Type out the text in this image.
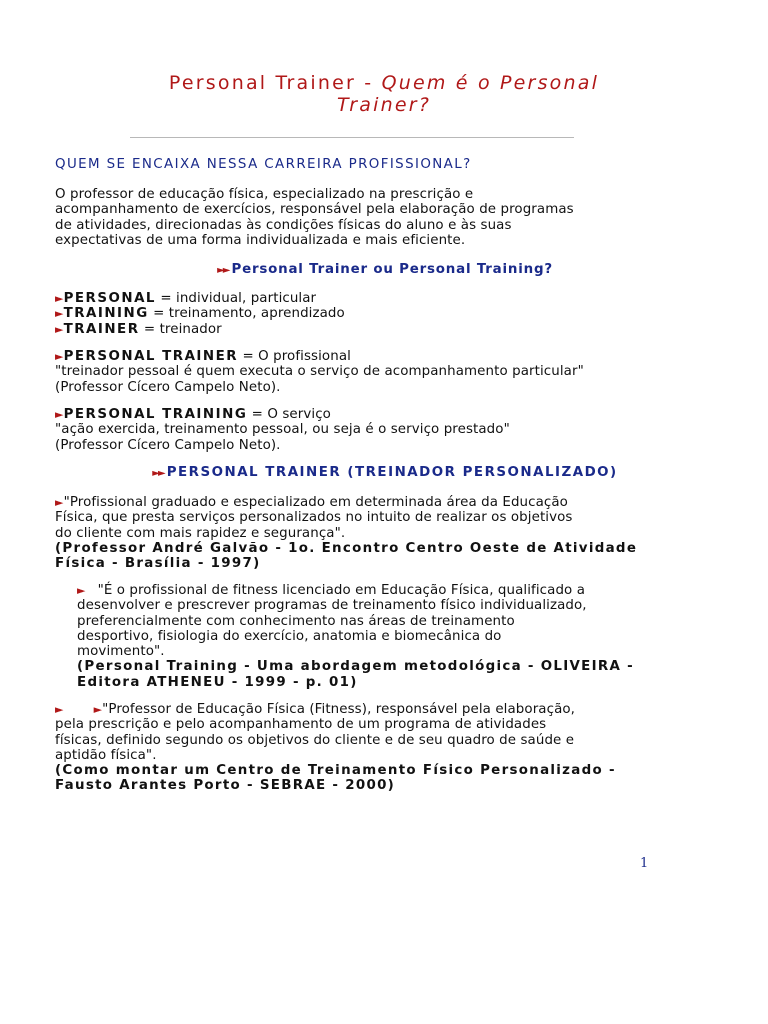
Personal Trainer - Quem é o Personal
Trainer?
QUEM SE ENCAIXA NESSA CARREIRA PROFISSIONAL?
O professor de educação física, especializado na prescrição e
acompanhamento de exercícios, responsável pela elaboração de programas
de atividades, direcionadas às condições físicas do aluno e às suas
expectativas de uma forma individualizada e mais eficiente.
►► Personal Trainer ou Personal Training?
►PERSONAL = individual, particular
►TRAINING = treinamento, aprendizado
►TRAINER = treinador
►PERSONAL TRAINER = O profissional
"treinador pessoal é quem executa o serviço de acompanhamento particular"
(Professor Cícero Campelo Neto).
►PERSONAL TRAINING = O serviço
"ação exercida, treinamento pessoal, ou seja é o serviço prestado"
(Professor Cícero Campelo Neto).
►► PERSONAL TRAINER (TREINADOR PERSONALIZADO)
►"Profissional graduado e especializado em determinada área da Educação
Física, que presta serviços personalizados no intuito de realizar os objetivos
do cliente com mais rapidez e segurança".
(Professor André Galvão - 1o. Encontro Centro Oeste de Atividade
Física - Brasília - 1997)
► "É o profissional de fitness licenciado em Educação Física, qualificado a
desenvolver e prescrever programas de treinamento físico individualizado,
preferencialmente com conhecimento nas áreas de treinamento
desportivo, fisiologia do exercício, anatomia e biomecânica do
movimento".
(Personal Training - Uma abordagem metodológica - OLIVEIRA -
Editora ATHENEU - 1999 - p. 01)
►	►"Professor de Educação Física (Fitness), responsável pela elaboração,
pela prescrição e pelo acompanhamento de um programa de atividades
físicas, definido segundo os objetivos do cliente e de seu quadro de saúde e
aptidão física".
(Como montar um Centro de Treinamento Físico Personalizado -
Fausto Arantes Porto - SEBRAE - 2000)
1
